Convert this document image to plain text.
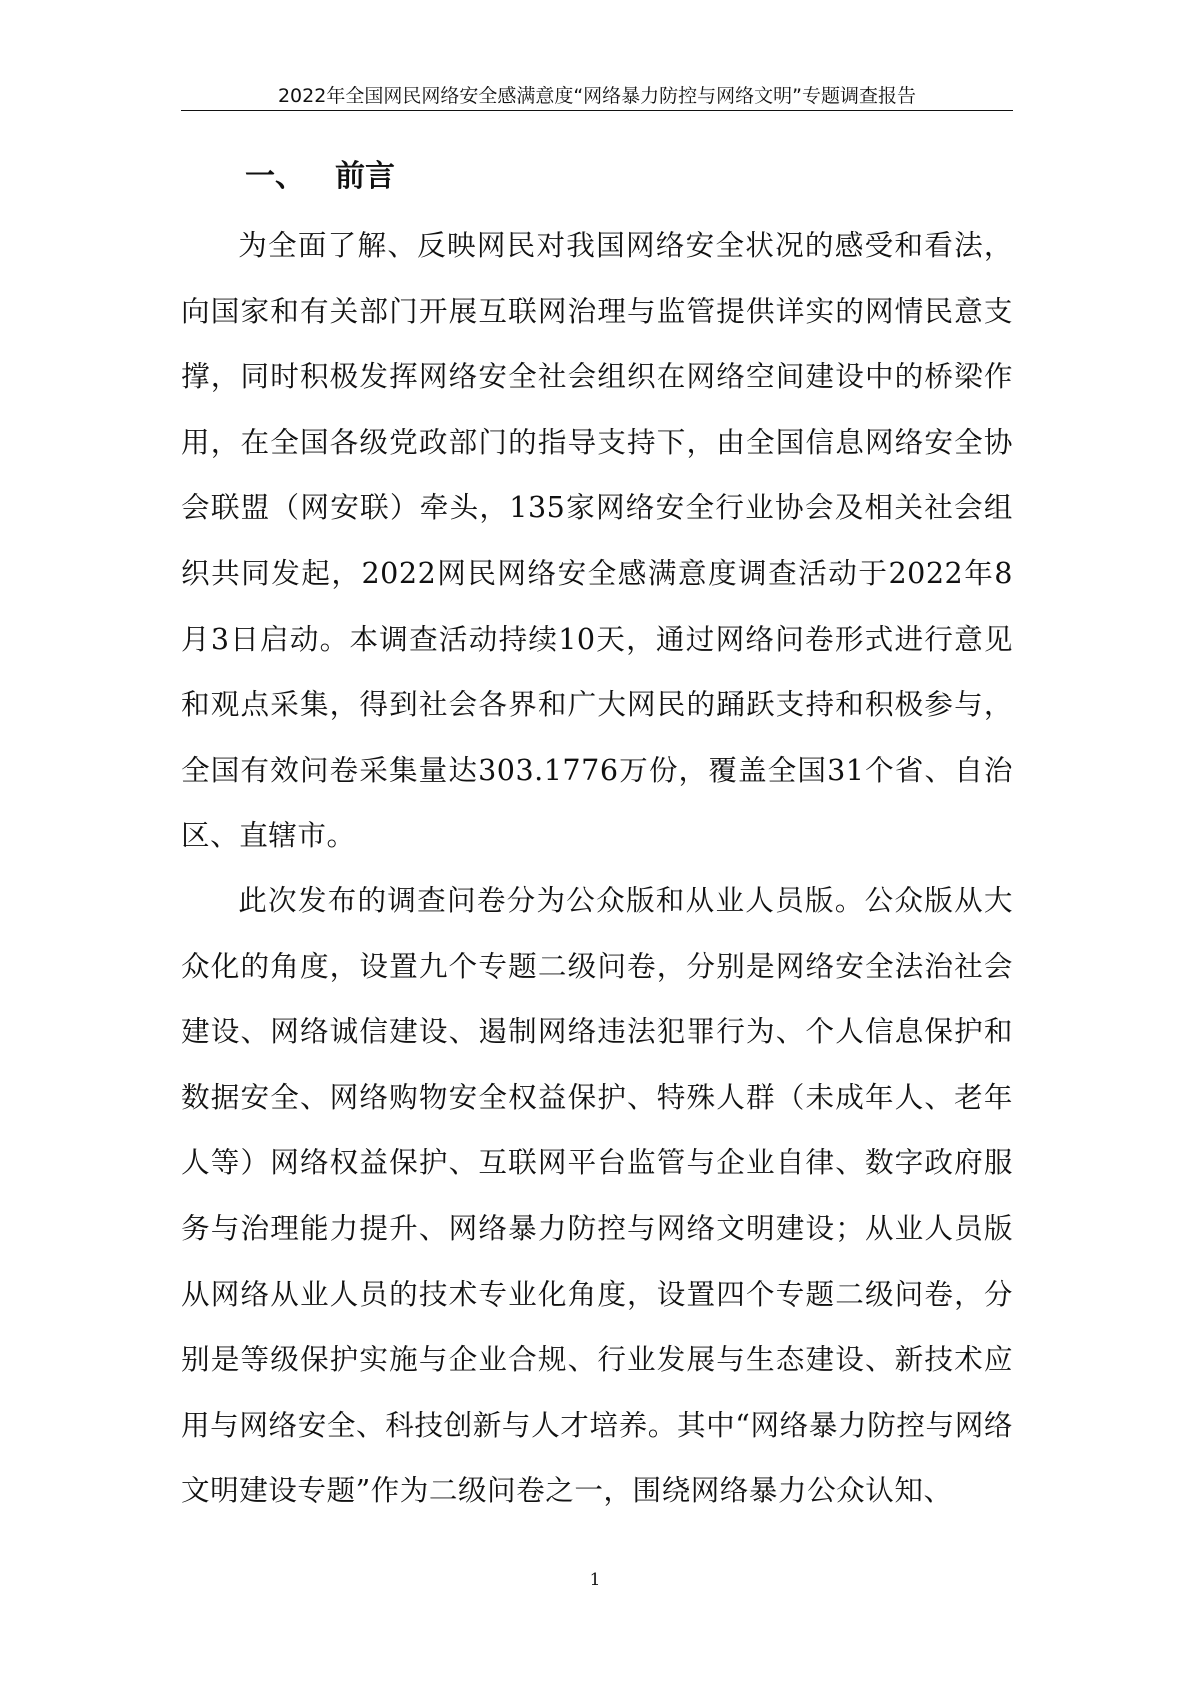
2022年全国网民网络安全感满意度“网络暴力防控与网络文明”专题调查报告
一、 前言

为全面了解、反映网民对我国网络安全状况的感受和看法，向国家和有关部门开展互联网治理与监管提供详实的网情民意支撑，同时积极发挥网络安全社会组织在网络空间建设中的桥梁作用，在全国各级党政部门的指导支持下，由全国信息网络安全协会联盟（网安联）牵头，135家网络安全行业协会及相关社会组织共同发起，2022网民网络安全感满意度调查活动于2022年8月3日启动。本调查活动持续10天，通过网络问卷形式进行意见和观点采集，得到社会各界和广大网民的踊跃支持和积极参与，全国有效问卷采集量达303.1776万份，覆盖全国31个省、自治区、直辖市。

此次发布的调查问卷分为公众版和从业人员版。公众版从大众化的角度，设置九个专题二级问卷，分别是网络安全法治社会建设、网络诚信建设、遏制网络违法犯罪行为、个人信息保护和数据安全、网络购物安全权益保护、特殊人群（未成年人、老年人等）网络权益保护、互联网平台监管与企业自律、数字政府服务与治理能力提升、网络暴力防控与网络文明建设；从业人员版从网络从业人员的技术专业化角度，设置四个专题二级问卷，分别是等级保护实施与企业合规、行业发展与生态建设、新技术应用与网络安全、科技创新与人才培养。其中“网络暴力防控与网络文明建设专题”作为二级问卷之一，围绕网络暴力公众认知、

1
